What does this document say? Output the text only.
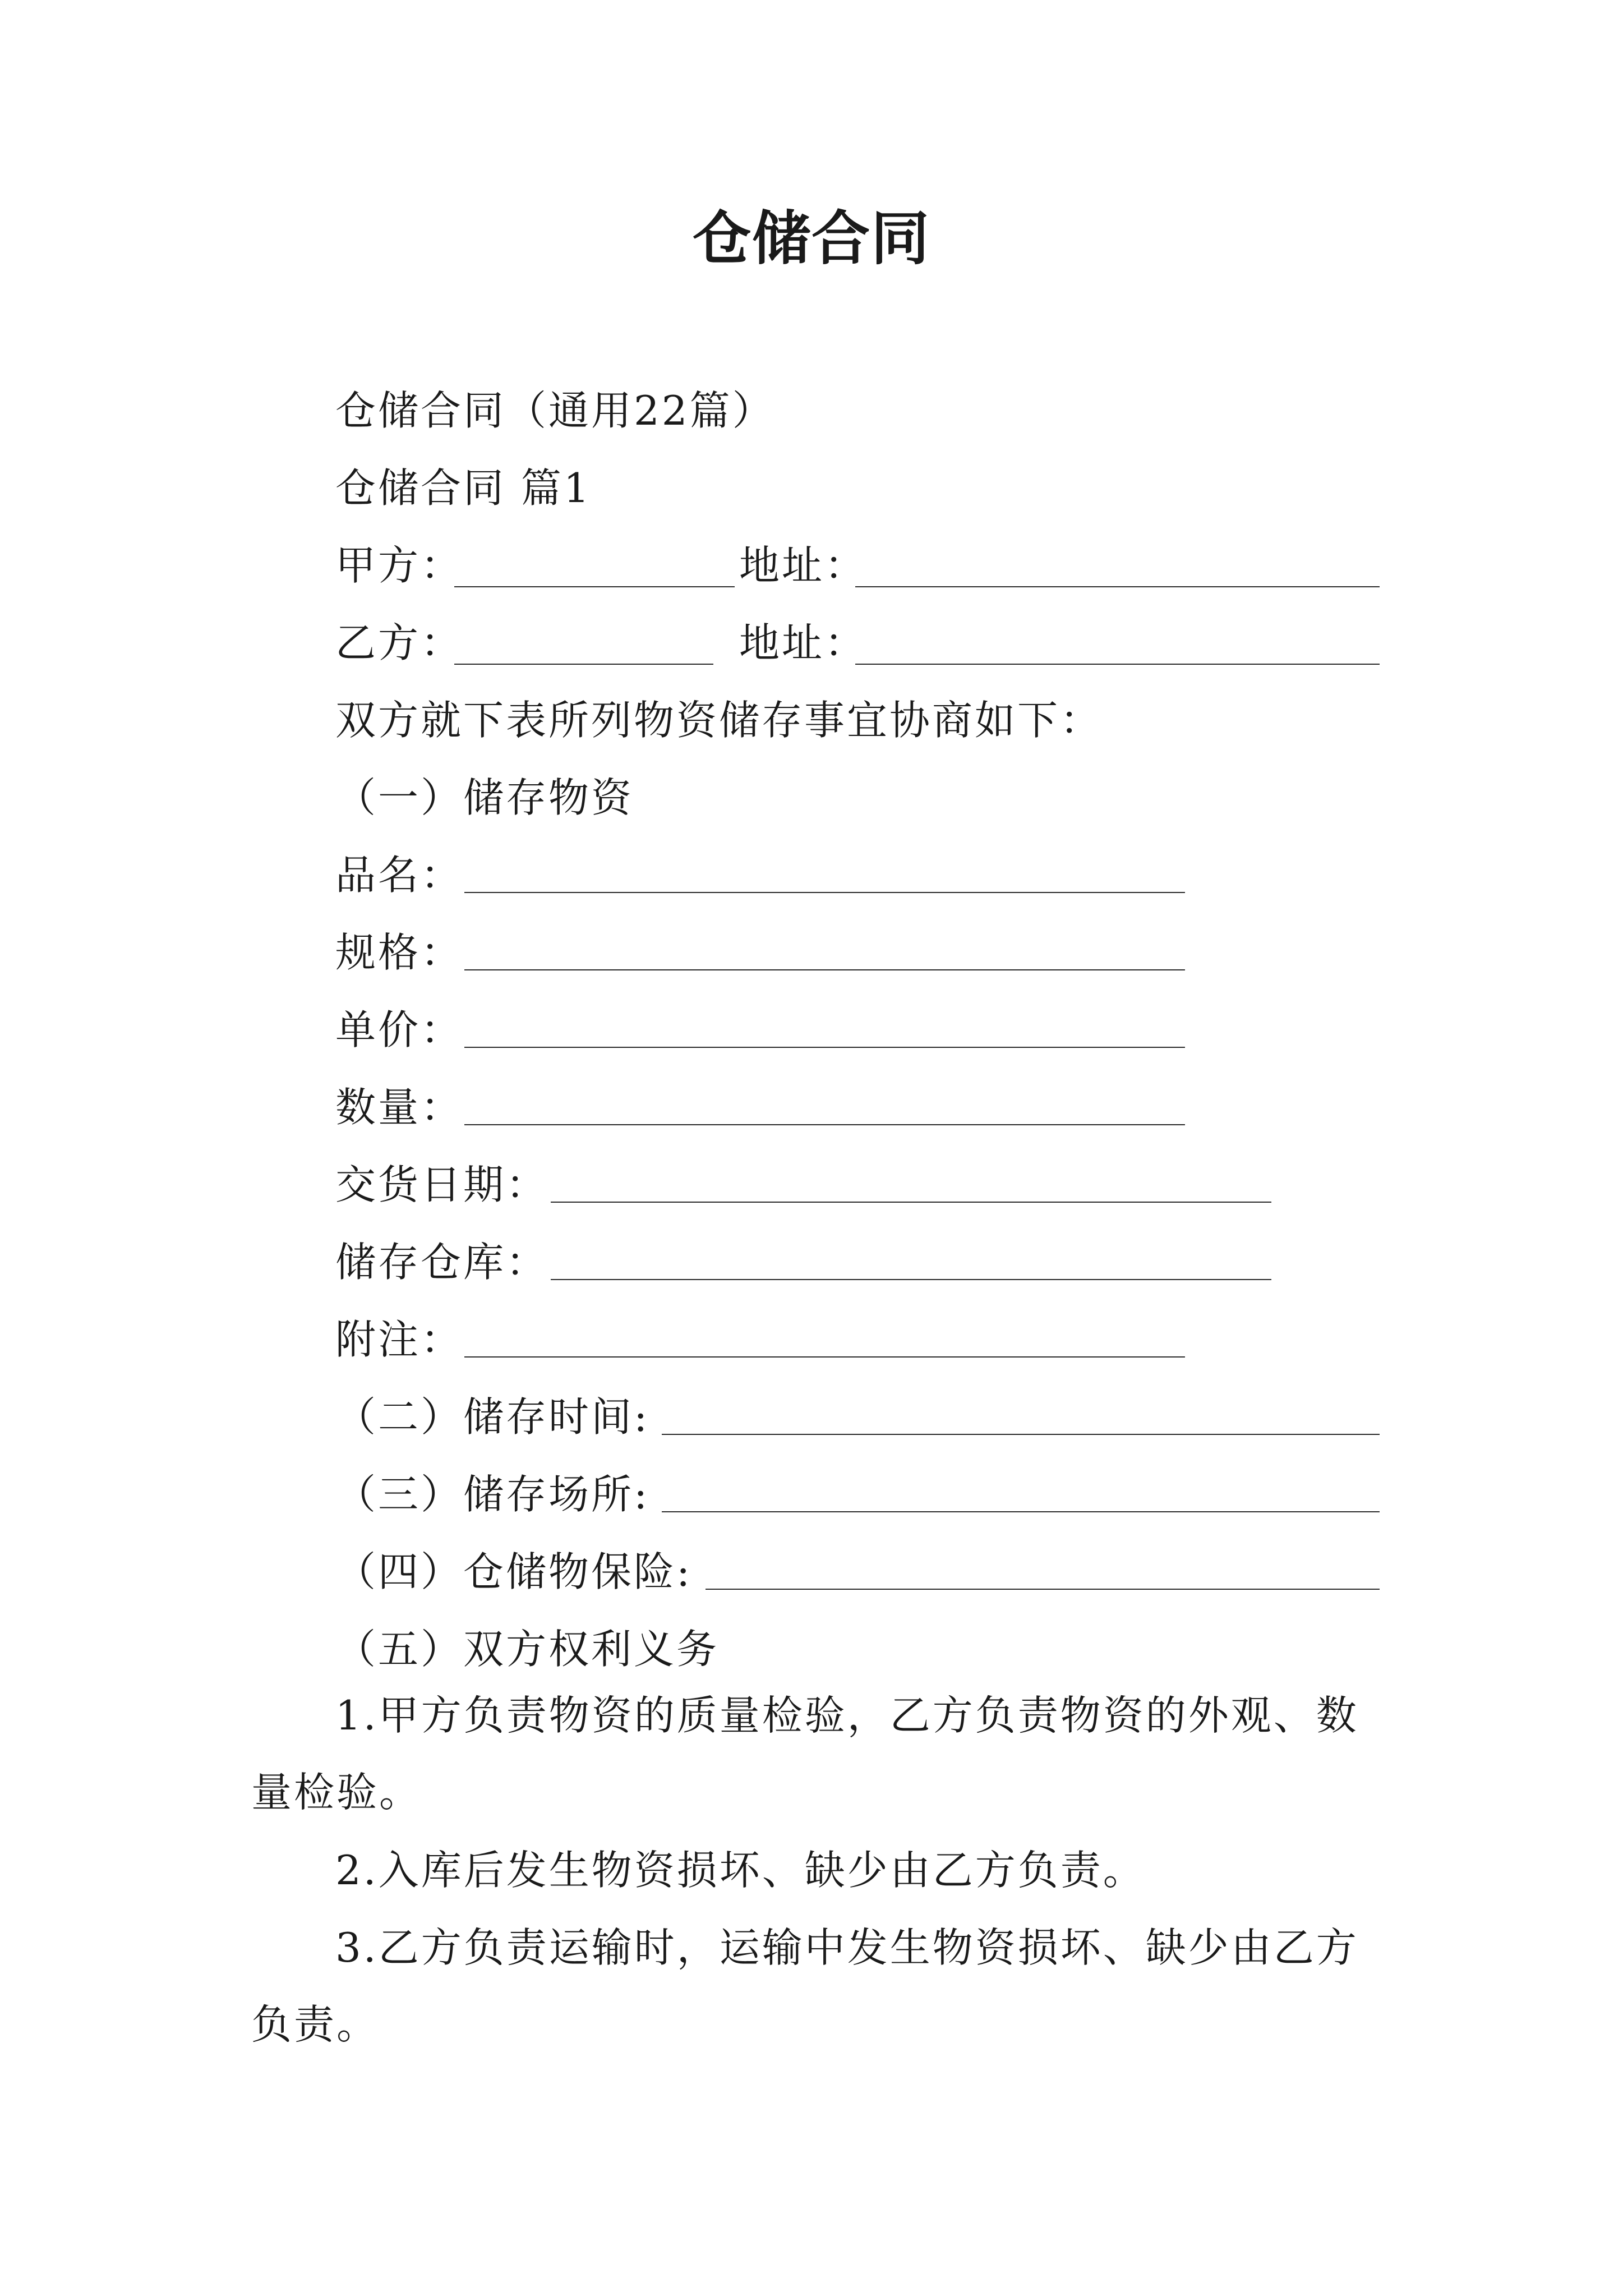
仓储合同
仓储合同（通用22篇）
仓储合同 篇1
甲方：	地址：
乙方：	地址：
双方就下表所列物资储存事宜协商如下：
（一）储存物资
品名：
规格：
单价：
数量：
交货日期：
储存仓库：
附注：
（二）储存时间:
（三）储存场所:
（四）仓储物保险:
（五）双方权利义务
1.甲方负责物资的质量检验，乙方负责物资的外观、数量检验。
2.入库后发生物资损坏、缺少由乙方负责。
3.乙方负责运输时，运输中发生物资损坏、缺少由乙方负责。
